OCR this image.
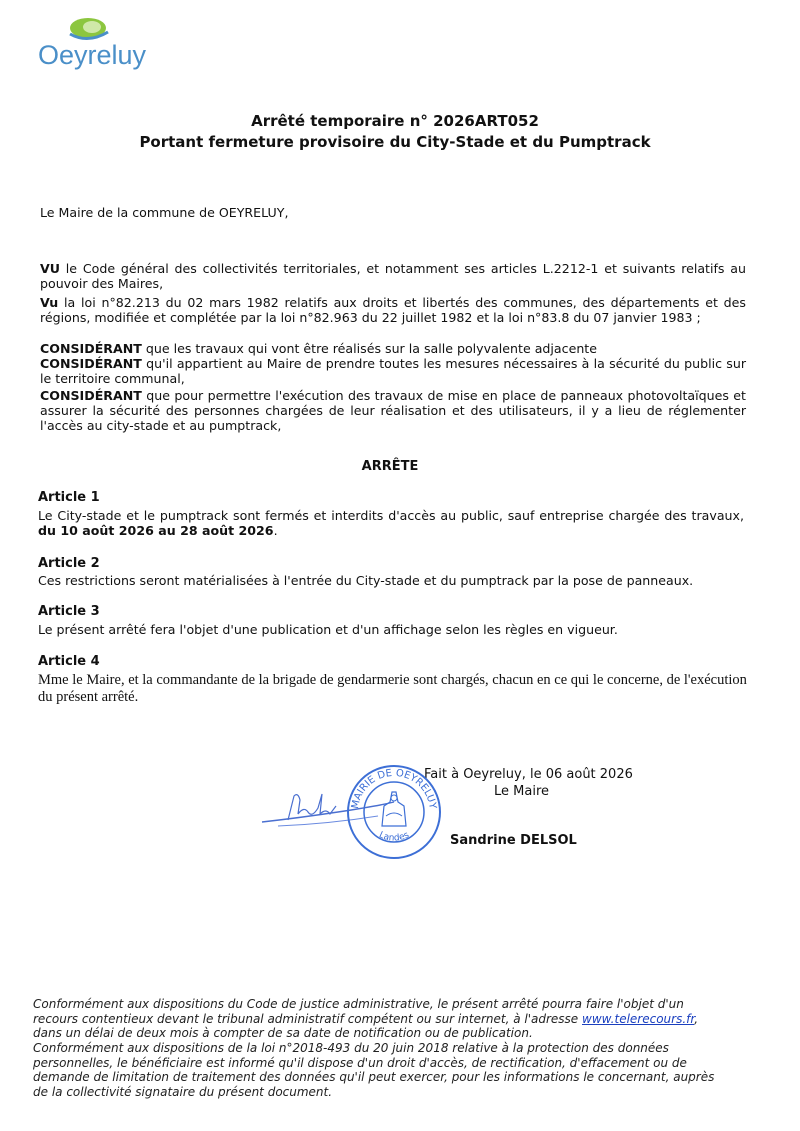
Oeyreluy
Arrêté temporaire n° 2026ART052
Portant fermeture provisoire du City-Stade et du Pumptrack
Le Maire de la commune de OEYRELUY,
VU le Code général des collectivités territoriales, et notamment ses articles L.2212-1 et suivants relatifs au pouvoir des Maires,
Vu la loi n°82.213 du 02 mars 1982 relatifs aux droits et libertés des communes, des départements et des régions, modifiée et complétée par la loi n°82.963 du 22 juillet 1982 et la loi n°83.8 du 07 janvier 1983 ;
CONSIDÉRANT que les travaux qui vont être réalisés sur la salle polyvalente adjacente
CONSIDÉRANT qu'il appartient au Maire de prendre toutes les mesures nécessaires à la sécurité du public sur le territoire communal,
CONSIDÉRANT que pour permettre l'exécution des travaux de mise en place de panneaux photovoltaïques et assurer la sécurité des personnes chargées de leur réalisation et des utilisateurs, il y a lieu de réglementer l'accès au city-stade et au pumptrack,
ARRÊTE
Article 1
Le City-stade et le pumptrack sont fermés et interdits d'accès au public, sauf entreprise chargée des travaux, du 10 août 2026 au 28 août 2026.
Article 2
Ces restrictions seront matérialisées à l'entrée du City-stade et du pumptrack par la pose de panneaux.
Article 3
Le présent arrêté fera l'objet d'une publication et d'un affichage selon les règles en vigueur.
Article 4
Mme le Maire, et la commandante de la brigade de gendarmerie sont chargés, chacun en ce qui le concerne, de l'exécution du présent arrêté.
Fait à Oeyreluy, le 06 août 2026
Le Maire
Sandrine DELSOL
MAIRIE DE OEYRELUY
Landes
Conformément aux dispositions du Code de justice administrative, le présent arrêté pourra faire l'objet d'un recours contentieux devant le tribunal administratif compétent ou sur internet, à l'adresse www.telerecours.fr, dans un délai de deux mois à compter de sa date de notification ou de publication.
Conformément aux dispositions de la loi n°2018-493 du 20 juin 2018 relative à la protection des données personnelles, le bénéficiaire est informé qu'il dispose d'un droit d'accès, de rectification, d'effacement ou de demande de limitation de traitement des données qu'il peut exercer, pour les informations le concernant, auprès de la collectivité signataire du présent document.
